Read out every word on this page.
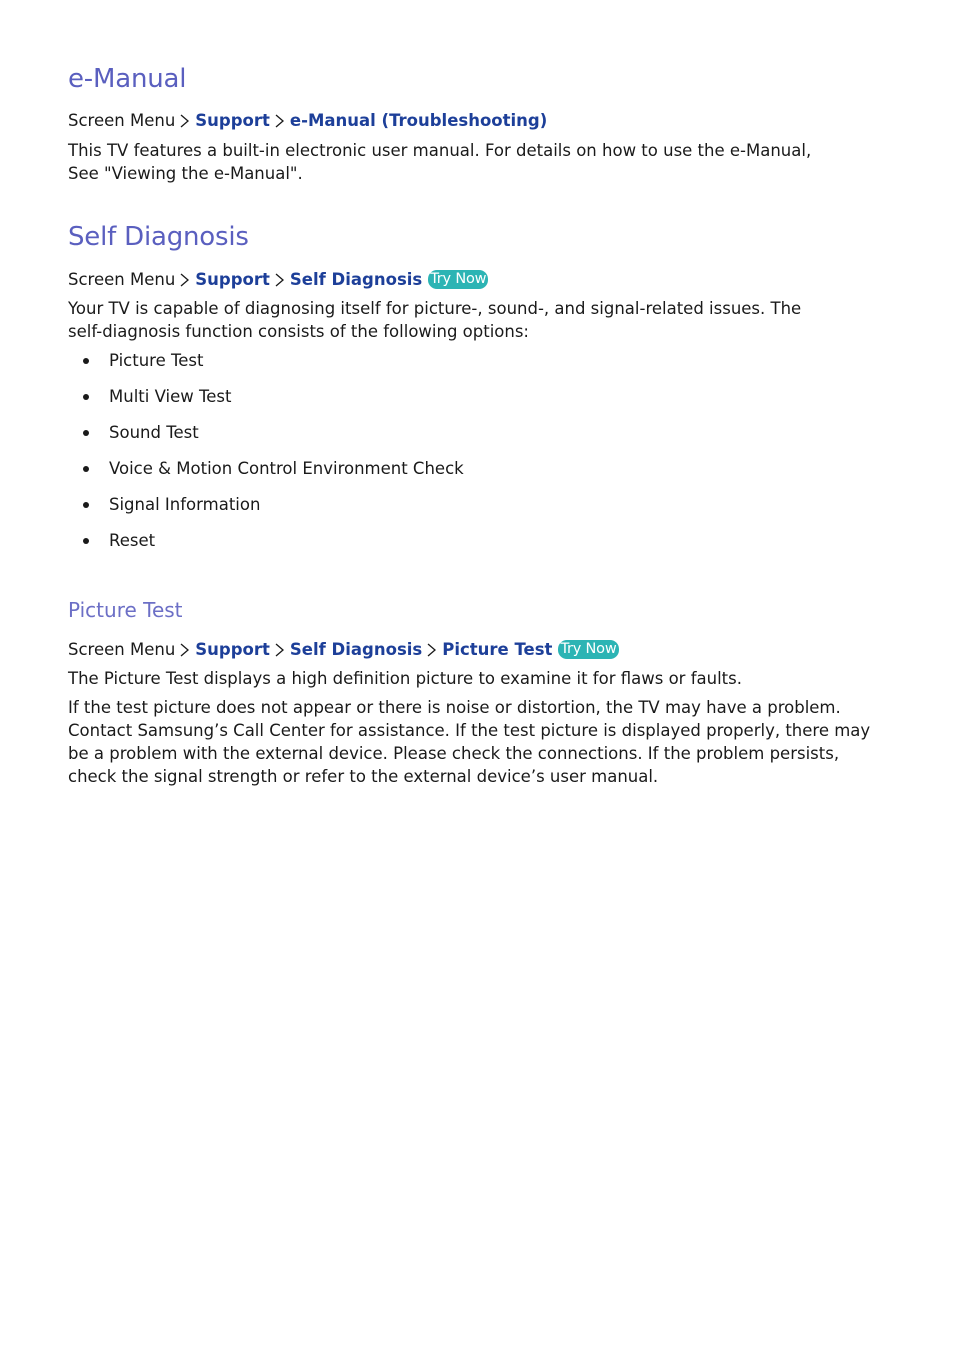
e-Manual
Screen Menu Support e-Manual (Troubleshooting)

This TV features a built-in electronic user manual. For details on how to use the e-Manual, See "Viewing the e-Manual".

Self Diagnosis
Screen Menu Support Self Diagnosis Try Now

Your TV is capable of diagnosing itself for picture-, sound-, and signal-related issues. The self-diagnosis function consists of the following options:

Picture Test
Multi View Test
Sound Test
Voice & Motion Control Environment Check
Signal Information
Reset
Picture Test
Screen Menu Support Self Diagnosis Picture Test Try Now

The Picture Test displays a high definition picture to examine it for flaws or faults.

If the test picture does not appear or there is noise or distortion, the TV may have a problem. Contact Samsung’s Call Center for assistance. If the test picture is displayed properly, there may be a problem with the external device. Please check the connections. If the problem persists, check the signal strength or refer to the external device’s user manual.
